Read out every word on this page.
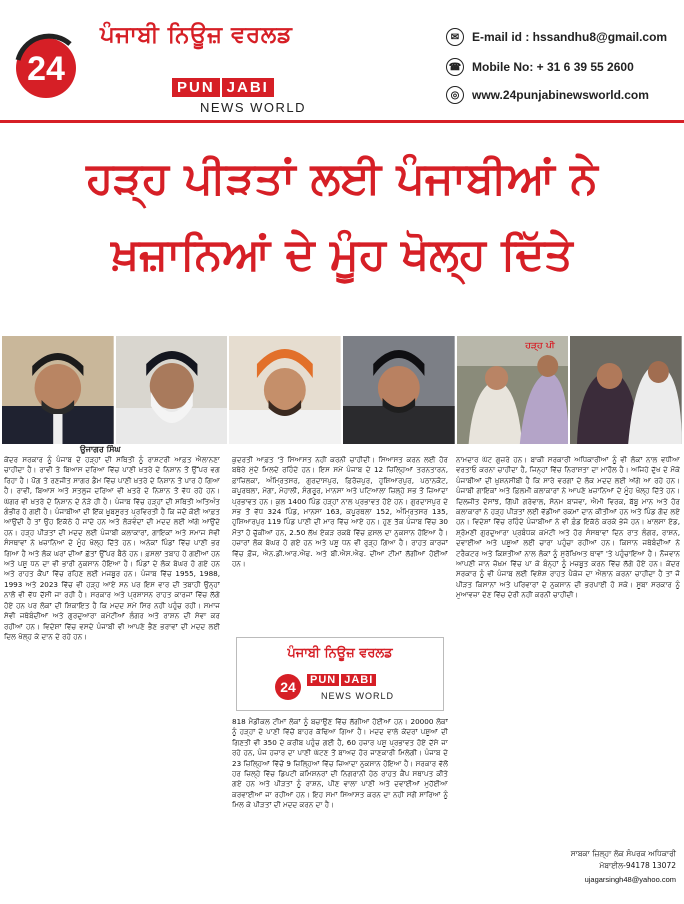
24
ਪੰਜਾਬੀ ਨਿਊਜ਼ ਵਰਲਡ
PUN JABI
NEWS WORLD
✉	E-mail id : hssandhu8@gmail.com
☎ Mobile No: + 31 6 39 55 2600
◎	www.24punjabinewsworld.com
ਹੜ੍ਹ ਪੀੜਤਾਂ ਲਈ ਪੰਜਾਬੀਆਂ ਨੇ
ਖ਼ਜ਼ਾਨਿਆਂ ਦੇ ਮੂੰਹ ਖੋਲ੍ਹ ਦਿੱਤੇ
ਹੜ੍ਹ ਪੀ
ਉਜਾਗਰ ਸਿੰਘ
ਕੇਂਦਰ ਸਰਕਾਰ ਨੂੰ ਪੰਜਾਬ ਦੇ ਹੜ੍ਹਾਂ ਦੀ ਸਥਿਤੀ ਨੂੰ ਰਾਸ਼ਟਰੀ ਆਫ਼ਤ ਐਲਾਨਣਾ ਚਾਹੀਦਾ ਹੈ। ਰਾਵੀ ਤੇ ਬਿਆਸ ਦਰਿਆ ਵਿੱਚ ਪਾਣੀ ਖ਼ਤਰੇ ਦੇ ਨਿਸ਼ਾਨ ਤੋਂ ਉੱਪਰ ਵਗ ਰਿਹਾ ਹੈ। ਪੌਂਗ ਤੇ ਰਣਜੀਤ ਸਾਗਰ ਡੈਮ ਵਿੱਚ ਪਾਣੀ ਖ਼ਤਰੇ ਦੇ ਨਿਸ਼ਾਨ ਤੋਂ ਪਾਰ ਹੋ ਗਿਆ ਹੈ। ਰਾਵੀ, ਬਿਆਸ ਅਤੇ ਸਤਲੁਜ ਦਰਿਆ ਵੀ ਖ਼ਤਰੇ ਦੇ ਨਿਸ਼ਾਨ ਤੋਂ ਵੱਧ ਰਹੇ ਹਨ। ਘੱਗਰ ਵੀ ਖ਼ਤਰੇ ਦੇ ਨਿਸ਼ਾਨ ਦੇ ਨੇੜੇ ਹੀ ਹੈ। ਪੰਜਾਬ ਵਿੱਚ ਹੜ੍ਹਾਂ ਦੀ ਸਥਿਤੀ ਅਤਿਅੰਤ ਗੰਭੀਰ ਹੋ ਗਈ ਹੈ। ਪੰਜਾਬੀਆਂ ਦੀ ਇੱਕ ਖ਼ੂਬਸੂਰਤ ਪ੍ਰਵਿਰਤੀ ਹੈ ਕਿ ਜਦੋਂ ਕੋਈ ਆਫ਼ਤ ਆਉਂਦੀ ਹੈ ਤਾਂ ਉਹ ਇਕੱਠੇ ਹੋ ਜਾਂਦੇ ਹਨ ਅਤੇ ਲੋੜਵੰਦਾਂ ਦੀ ਮਦਦ ਲਈ ਅੱਗੇ ਆਉਂਦੇ ਹਨ। ਹੜ੍ਹ ਪੀੜਤਾਂ ਦੀ ਮਦਦ ਲਈ ਪੰਜਾਬੀ ਕਲਾਕਾਰਾਂ, ਗਾਇਕਾਂ ਅਤੇ ਸਮਾਜ ਸੇਵੀ ਸੰਸਥਾਵਾਂ ਨੇ ਖ਼ਜ਼ਾਨਿਆਂ ਦੇ ਮੂੰਹ ਖੋਲ੍ਹ ਦਿੱਤੇ ਹਨ। ਅਨੇਕਾਂ ਪਿੰਡਾਂ ਵਿੱਚ ਪਾਣੀ ਭਰ ਗਿਆ ਹੈ ਅਤੇ ਲੋਕ ਘਰਾਂ ਦੀਆਂ ਛੱਤਾਂ ਉੱਪਰ ਬੈਠੇ ਹਨ। ਫ਼ਸਲਾਂ ਤਬਾਹ ਹੋ ਗਈਆਂ ਹਨ ਅਤੇ ਪਸ਼ੂ ਧਨ ਦਾ ਵੀ ਭਾਰੀ ਨੁਕਸਾਨ ਹੋਇਆ ਹੈ। ਪਿੰਡਾਂ ਦੇ ਲੋਕ ਬੇਘਰ ਹੋ ਗਏ ਹਨ ਅਤੇ ਰਾਹਤ ਕੈਂਪਾਂ ਵਿੱਚ ਰਹਿਣ ਲਈ ਮਜਬੂਰ ਹਨ। ਪੰਜਾਬ ਵਿੱਚ 1955, 1988, 1993 ਅਤੇ 2023 ਵਿੱਚ ਵੀ ਹੜ੍ਹ ਆਏ ਸਨ ਪਰ ਇਸ ਵਾਰ ਦੀ ਤਬਾਹੀ ਉਨ੍ਹਾਂ ਨਾਲੋਂ ਵੀ ਵੱਧ ਦੱਸੀ ਜਾ ਰਹੀ ਹੈ। ਸਰਕਾਰ ਅਤੇ ਪ੍ਰਸ਼ਾਸਨ ਰਾਹਤ ਕਾਰਜਾਂ ਵਿੱਚ ਲੱਗੇ ਹੋਏ ਹਨ ਪਰ ਲੋਕਾਂ ਦੀ ਸ਼ਿਕਾਇਤ ਹੈ ਕਿ ਮਦਦ ਸਮੇਂ ਸਿਰ ਨਹੀਂ ਪਹੁੰਚ ਰਹੀ। ਸਮਾਜ ਸੇਵੀ ਜਥੇਬੰਦੀਆਂ ਅਤੇ ਗੁਰਦੁਆਰਾ ਕਮੇਟੀਆਂ ਲੰਗਰ ਅਤੇ ਰਾਸ਼ਨ ਦੀ ਸੇਵਾ ਕਰ ਰਹੀਆਂ ਹਨ। ਵਿਦੇਸ਼ਾਂ ਵਿੱਚ ਵਸਦੇ ਪੰਜਾਬੀ ਵੀ ਆਪਣੇ ਭੈਣ ਭਰਾਵਾਂ ਦੀ ਮਦਦ ਲਈ ਦਿਲ ਖੋਲ੍ਹ ਕੇ ਦਾਨ ਦੇ ਰਹੇ ਹਨ।
ਕੁਦਰਤੀ ਆਫ਼ਤ 'ਤੇ ਸਿਆਸਤ ਨਹੀਂ ਕਰਨੀ ਚਾਹੀਦੀ। ਸਿਆਸਤ ਕਰਨ ਲਈ ਹੋਰ ਬਥੇਰੇ ਮੁੱਦੇ ਮਿਲਦੇ ਰਹਿੰਦੇ ਹਨ। ਇਸ ਸਮੇਂ ਪੰਜਾਬ ਦੇ 12 ਜ਼ਿਲ੍ਹਿਆਂ ਤਰਨਤਾਰਨ, ਫ਼ਾਜ਼ਿਲਕਾ, ਅੰਮ੍ਰਿਤਸਰ, ਗੁਰਦਾਸਪੁਰ, ਫ਼ਿਰੋਜ਼ਪੁਰ, ਹੁਸ਼ਿਆਰਪੁਰ, ਪਠਾਨਕੋਟ, ਕਪੂਰਥਲਾ, ਮੋਗਾ, ਮੋਹਾਲੀ, ਸੰਗਰੂਰ, ਮਾਨਸਾ ਅਤੇ ਪਟਿਆਲਾ ਜ਼ਿਲ੍ਹੇ ਸਭ ਤੋਂ ਜ਼ਿਆਦਾ ਪ੍ਰਭਾਵਤ ਹਨ। ਕੁਲ 1400 ਪਿੰਡ ਹੜ੍ਹਾਂ ਨਾਲ ਪ੍ਰਭਾਵਤ ਹੋਏ ਹਨ। ਗੁਰਦਾਸਪੁਰ ਦੇ ਸਭ ਤੋਂ ਵੱਧ 324 ਪਿੰਡ, ਮਾਨਸਾ 163, ਕਪੂਰਥਲਾ 152, ਅੰਮ੍ਰਿਤਸਰ 135, ਹੁਸ਼ਿਆਰਪੁਰ 119 ਪਿੰਡ ਪਾਣੀ ਦੀ ਮਾਰ ਵਿੱਚ ਆਏ ਹਨ। ਹੁਣ ਤੱਕ ਪੰਜਾਬ ਵਿੱਚ 30 ਮੌਤਾਂ ਹੋ ਚੁੱਕੀਆਂ ਹਨ, 2.50 ਲੱਖ ਏਕੜ ਰਕਬੇ ਵਿੱਚ ਫ਼ਸਲ ਦਾ ਨੁਕਸਾਨ ਹੋਇਆ ਹੈ। ਹਜ਼ਾਰਾਂ ਲੋਕ ਬੇਘਰ ਹੋ ਗਏ ਹਨ ਅਤੇ ਪਸ਼ੂ ਧਨ ਵੀ ਰੁੜ੍ਹ ਗਿਆ ਹੈ। ਰਾਹਤ ਕਾਰਜਾਂ ਵਿੱਚ ਫ਼ੌਜ, ਐਨ.ਡੀ.ਆਰ.ਐਫ. ਅਤੇ ਬੀ.ਐਸ.ਐਫ. ਦੀਆਂ ਟੀਮਾਂ ਲੱਗੀਆਂ ਹੋਈਆਂ ਹਨ।
ਪੰਜਾਬੀ ਨਿਊਜ਼ ਵਰਲਡ
24 PUN JABI
NEWS WORLD
818 ਮੈਡੀਕਲ ਟੀਮਾਂ ਲੋਕਾਂ ਨੂੰ ਬਚਾਉਣ ਵਿੱਚ ਲੱਗੀਆਂ ਹੋਈਆਂ ਹਨ। 20000 ਲੋਕਾਂ ਨੂੰ ਹੜ੍ਹਾਂ ਦੇ ਪਾਣੀ ਵਿੱਚੋਂ ਬਾਹਰ ਕੱਢਿਆ ਗਿਆ ਹੈ। ਮਦਦ ਵਾਲੇ ਕੇਂਦਰਾਂ ਪਸ਼ੂਆਂ ਦੀ ਗਿਣਤੀ ਵੀ 350 ਦੇ ਕਰੀਬ ਪਹੁੰਚ ਗਈ ਹੈ, 60 ਹਜ਼ਾਰ ਪਸ਼ੂ ਪ੍ਰਭਾਵਤ ਹੋਏ ਦੱਸੇ ਜਾ ਰਹੇ ਹਨ, ਪੰਜ ਹਜ਼ਾਰ ਦਾ ਪਾਣੀ ਘੱਟਣ ਤੋਂ ਬਾਅਦ ਹੋਰ ਜਾਣਕਾਰੀ ਮਿਲੇਗੀ। ਪੰਜਾਬ ਦੇ 23 ਜ਼ਿਲ੍ਹਿਆਂ ਵਿੱਚੋਂ 9 ਜ਼ਿਲ੍ਹਿਆਂ ਵਿੱਚ ਜ਼ਿਆਦਾ ਨੁਕਸਾਨ ਹੋਇਆ ਹੈ। ਸਰਕਾਰ ਵੱਲੋਂ ਹਰ ਜ਼ਿਲ੍ਹੇ ਵਿੱਚ ਡਿਪਟੀ ਕਮਿਸ਼ਨਰਾਂ ਦੀ ਨਿਗਰਾਨੀ ਹੇਠ ਰਾਹਤ ਕੈਂਪ ਸਥਾਪਤ ਕੀਤੇ ਗਏ ਹਨ ਅਤੇ ਪੀੜਤਾਂ ਨੂੰ ਰਾਸ਼ਨ, ਪੀਣ ਵਾਲਾ ਪਾਣੀ ਅਤੇ ਦਵਾਈਆਂ ਮੁਹੱਈਆ ਕਰਵਾਈਆਂ ਜਾ ਰਹੀਆਂ ਹਨ। ਇਹ ਸਮਾਂ ਸਿਆਸਤ ਕਰਨ ਦਾ ਨਹੀਂ ਸਗੋਂ ਸਾਰਿਆਂ ਨੂੰ ਮਿਲ ਕੇ ਪੀੜਤਾਂ ਦੀ ਮਦਦ ਕਰਨ ਦਾ ਹੈ।
ਨਾਮਦਾਰ ਘੱਟ ਗੁਜ਼ਰੇ ਹਨ। ਬਾਕੀ ਸਰਕਾਰੀ ਅਧਿਕਾਰੀਆਂ ਨੂੰ ਵੀ ਲੋਕਾਂ ਨਾਲ ਵਧੀਆ ਵਰਤਾਓ ਕਰਨਾ ਚਾਹੀਦਾ ਹੈ, ਜਿਨ੍ਹਾਂ ਵਿੱਚ ਨਿਰਾਸ਼ਤਾ ਦਾ ਮਾਹੌਲ ਹੈ। ਅਜਿਹੇ ਦੁੱਖ ਦੇ ਮੌਕੇ ਪੰਜਾਬੀਆਂ ਦੀ ਖ਼ੁਸ਼ਨਸੀਬੀ ਹੈ ਕਿ ਸਾਰੇ ਵਰਗਾਂ ਦੇ ਲੋਕ ਮਦਦ ਲਈ ਅੱਗੇ ਆ ਰਹੇ ਹਨ। ਪੰਜਾਬੀ ਗਾਇਕਾਂ ਅਤੇ ਫ਼ਿਲਮੀ ਕਲਾਕਾਰਾਂ ਨੇ ਆਪਣੇ ਖ਼ਜ਼ਾਨਿਆਂ ਦੇ ਮੂੰਹ ਖੋਲ੍ਹ ਦਿੱਤੇ ਹਨ। ਦਿਲਜੀਤ ਦੋਸਾਂਝ, ਗਿੱਪੀ ਗਰੇਵਾਲ, ਸੋਨਮ ਬਾਜਵਾ, ਐਮੀ ਵਿਰਕ, ਬੱਬੂ ਮਾਨ ਅਤੇ ਹੋਰ ਕਲਾਕਾਰਾਂ ਨੇ ਹੜ੍ਹ ਪੀੜਤਾਂ ਲਈ ਵੱਡੀਆਂ ਰਕਮਾਂ ਦਾਨ ਕੀਤੀਆਂ ਹਨ ਅਤੇ ਪਿੰਡ ਗੋਦ ਲਏ ਹਨ। ਵਿਦੇਸ਼ਾਂ ਵਿੱਚ ਰਹਿੰਦੇ ਪੰਜਾਬੀਆਂ ਨੇ ਵੀ ਫ਼ੰਡ ਇਕੱਠੇ ਕਰਕੇ ਭੇਜੇ ਹਨ। ਖ਼ਾਲਸਾ ਏਡ, ਸ਼੍ਰੋਮਣੀ ਗੁਰਦੁਆਰਾ ਪ੍ਰਬੰਧਕ ਕਮੇਟੀ ਅਤੇ ਹੋਰ ਸੰਸਥਾਵਾਂ ਦਿਨ ਰਾਤ ਲੰਗਰ, ਰਾਸ਼ਨ, ਦਵਾਈਆਂ ਅਤੇ ਪਸ਼ੂਆਂ ਲਈ ਚਾਰਾ ਪਹੁੰਚਾ ਰਹੀਆਂ ਹਨ। ਕਿਸਾਨ ਜਥੇਬੰਦੀਆਂ ਨੇ ਟਰੈਕਟਰ ਅਤੇ ਕਿਸ਼ਤੀਆਂ ਨਾਲ ਲੋਕਾਂ ਨੂੰ ਸੁਰੱਖਿਅਤ ਥਾਵਾਂ 'ਤੇ ਪਹੁੰਚਾਇਆ ਹੈ। ਨੌਜਵਾਨ ਆਪਣੀ ਜਾਨ ਜ਼ੋਖ਼ਮ ਵਿੱਚ ਪਾ ਕੇ ਬੰਨ੍ਹਾਂ ਨੂੰ ਮਜ਼ਬੂਤ ਕਰਨ ਵਿੱਚ ਲੱਗੇ ਹੋਏ ਹਨ। ਕੇਂਦਰ ਸਰਕਾਰ ਨੂੰ ਵੀ ਪੰਜਾਬ ਲਈ ਵਿਸ਼ੇਸ਼ ਰਾਹਤ ਪੈਕੇਜ ਦਾ ਐਲਾਨ ਕਰਨਾ ਚਾਹੀਦਾ ਹੈ ਤਾਂ ਜੋ ਪੀੜਤ ਕਿਸਾਨਾਂ ਅਤੇ ਪਰਿਵਾਰਾਂ ਦੇ ਨੁਕਸਾਨ ਦੀ ਭਰਪਾਈ ਹੋ ਸਕੇ। ਸੂਬਾ ਸਰਕਾਰ ਨੂੰ ਮੁਆਵਜ਼ਾ ਦੇਣ ਵਿੱਚ ਦੇਰੀ ਨਹੀਂ ਕਰਨੀ ਚਾਹੀਦੀ।
ਸਾਬਕਾ ਜ਼ਿਲ੍ਹਾ ਲੋਕ ਸੰਪਰਕ ਅਧਿਕਾਰੀ
ਮੋਬਾਈਲ-94178 13072
ujagarsingh48@yahoo.com
